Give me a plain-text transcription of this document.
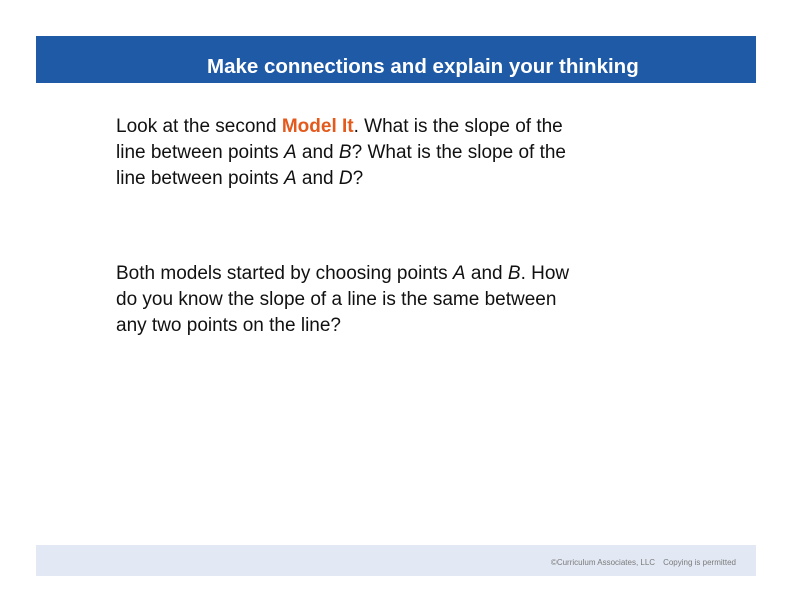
Make connections and explain your thinking
Look at the second Model It. What is the slope of the line between points A and B? What is the slope of the line between points A and D?
Both models started by choosing points A and B. How do you know the slope of a line is the same between any two points on the line?
©Curriculum Associates, LLC Copying is permitted
